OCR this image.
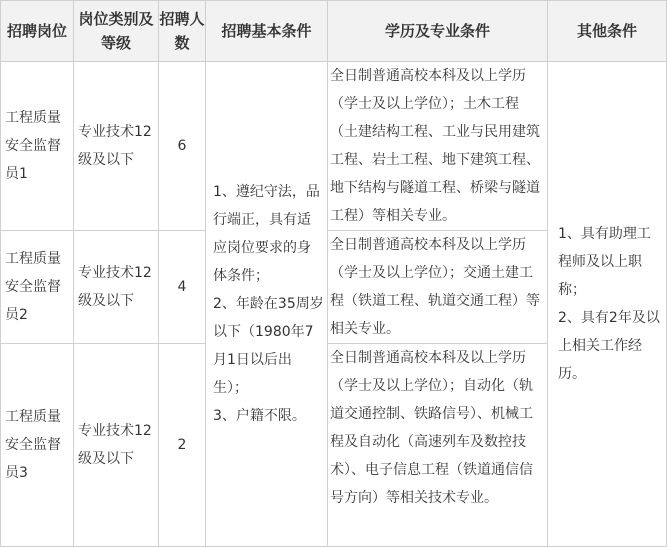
招聘岗位	岗位类别及等级	招聘人数	招聘基本条件	学历及专业条件	其他条件
工程质量安全监督员1	专业技术12级及以下	6	1、遵纪守法，品行端正，具有适应岗位要求的身体条件；
2、年龄在35周岁以下（1980年7月1日以后出生）；
3、户籍不限。	全日制普通高校本科及以上学历（学士及以上学位）；土木工程（土建结构工程、工业与民用建筑工程、岩土工程、地下建筑工程、地下结构与隧道工程、桥梁与隧道工程）等相关专业。	1、具有助理工程师及以上职称；
2、具有2年及以上相关工作经历。

工程质量安全监督员2	专业技术12级及以下	4		全日制普通高校本科及以上学历（学士及以上学位）；交通土建工程（铁道工程、轨道交通工程）等相关专业。	
工程质量安全监督员3	专业技术12级及以下	2		全日制普通高校本科及以上学历（学士及以上学位）；自动化（轨道交通控制、铁路信号）、机械工程及自动化（高速列车及数控技术）、电子信息工程（铁道通信信号方向）等相关技术专业。	
